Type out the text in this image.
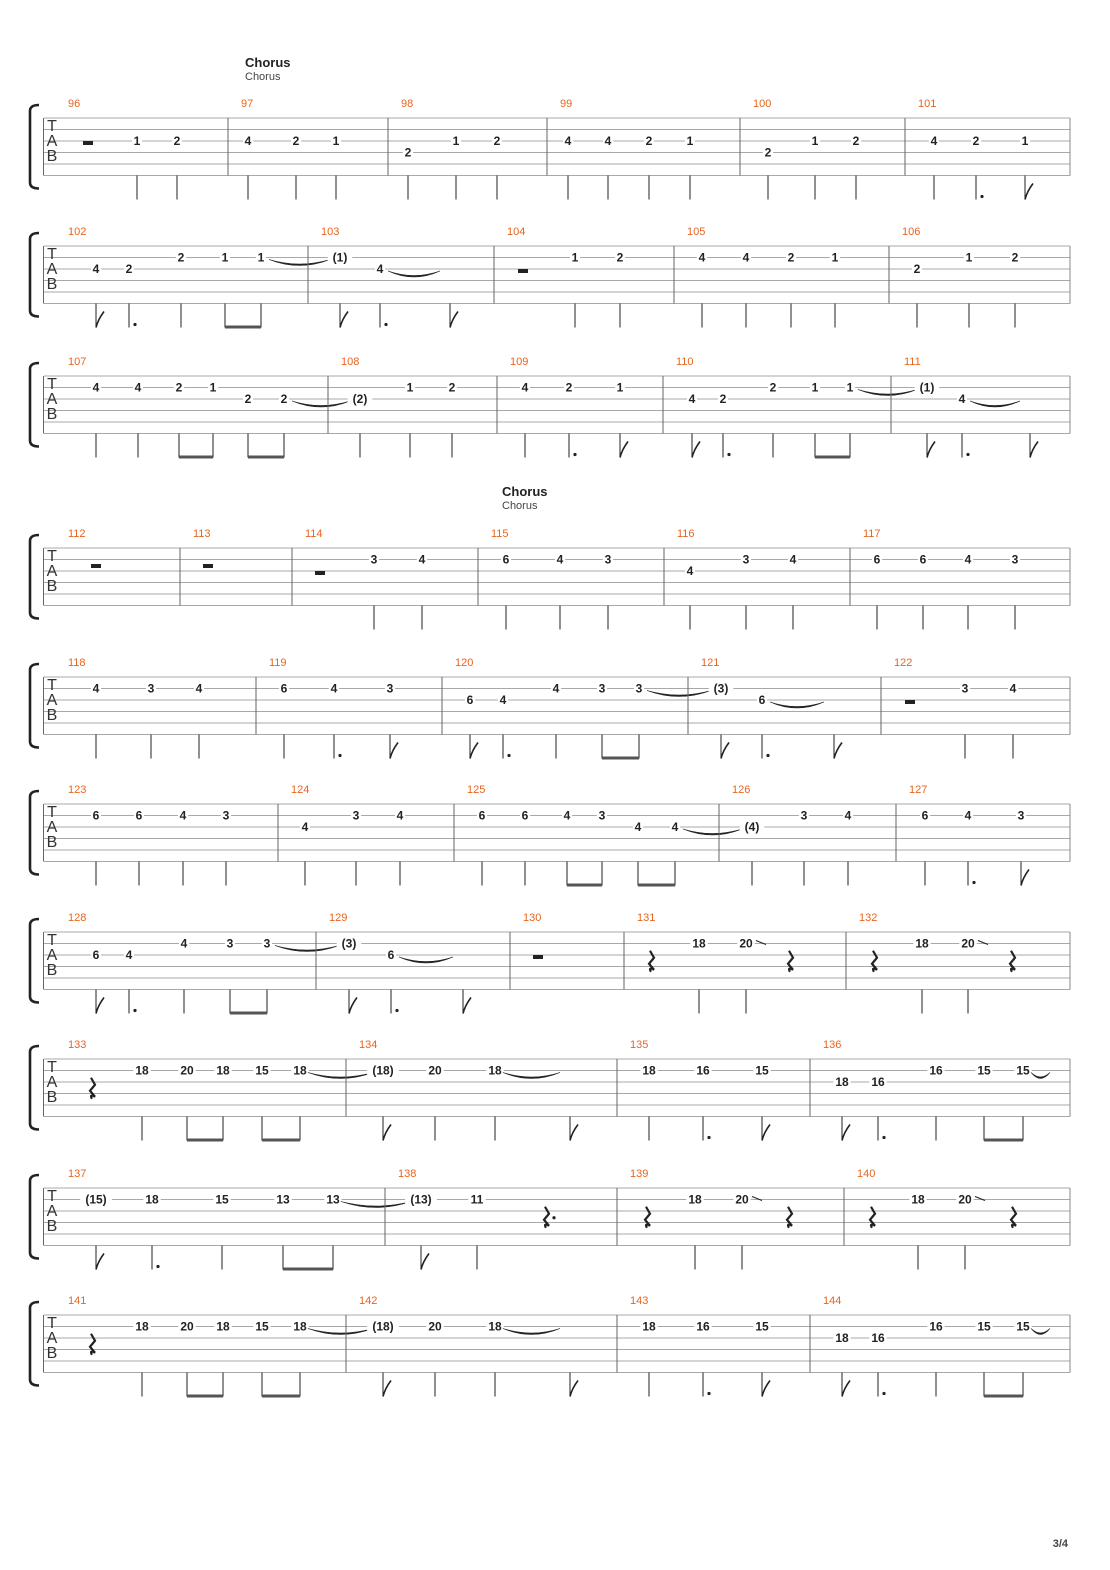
Chorus
Chorus
Chorus
Chorus
T
A
B
96
1	2
97
4	2	1
98
2
1	2
99
4	4	2	1
100
2
1	2
101
4	2	1
T
A
B
102
4 2
2	1 1
103
(1)
4
104
1	2
105
4	4	2	1
106
2
1	2
T
A
B
107
4	4	2 1
2 2
108
(2)
1	2
109
4	2	1
110
4 2
2	1 1
111
(1)
4
T
A
B
112	113	114
3	4
115
6	4	3
116
4
3	4
117
6	6	4	3
T
A
B
118
4	3	4
119
6	4	3
120
6 4
4	3	3
121
(3)
6
122
3	4
T
A
B
123
6	6	4	3
124
4
3	4
125
6	6	4 3
4	4
126
(4)
3	4
127
6	4	3
T
A
B
128
6 4
4	3	3
129
(3)
6
130	131
18	20
132
18	20
T
A
B
133
18	20 18 15 18
134
(18)	20	18
135
18	16	15
136
18 16
16	15 15
T
A
B
137
(15)	18	15	13	13
138
(13)	11
139
18	20
140
18	20
T
A
B
141
18	20 18 15 18
142
(18)	20	18
143
18	16	15
144
18 16
16	15 15
3/4
